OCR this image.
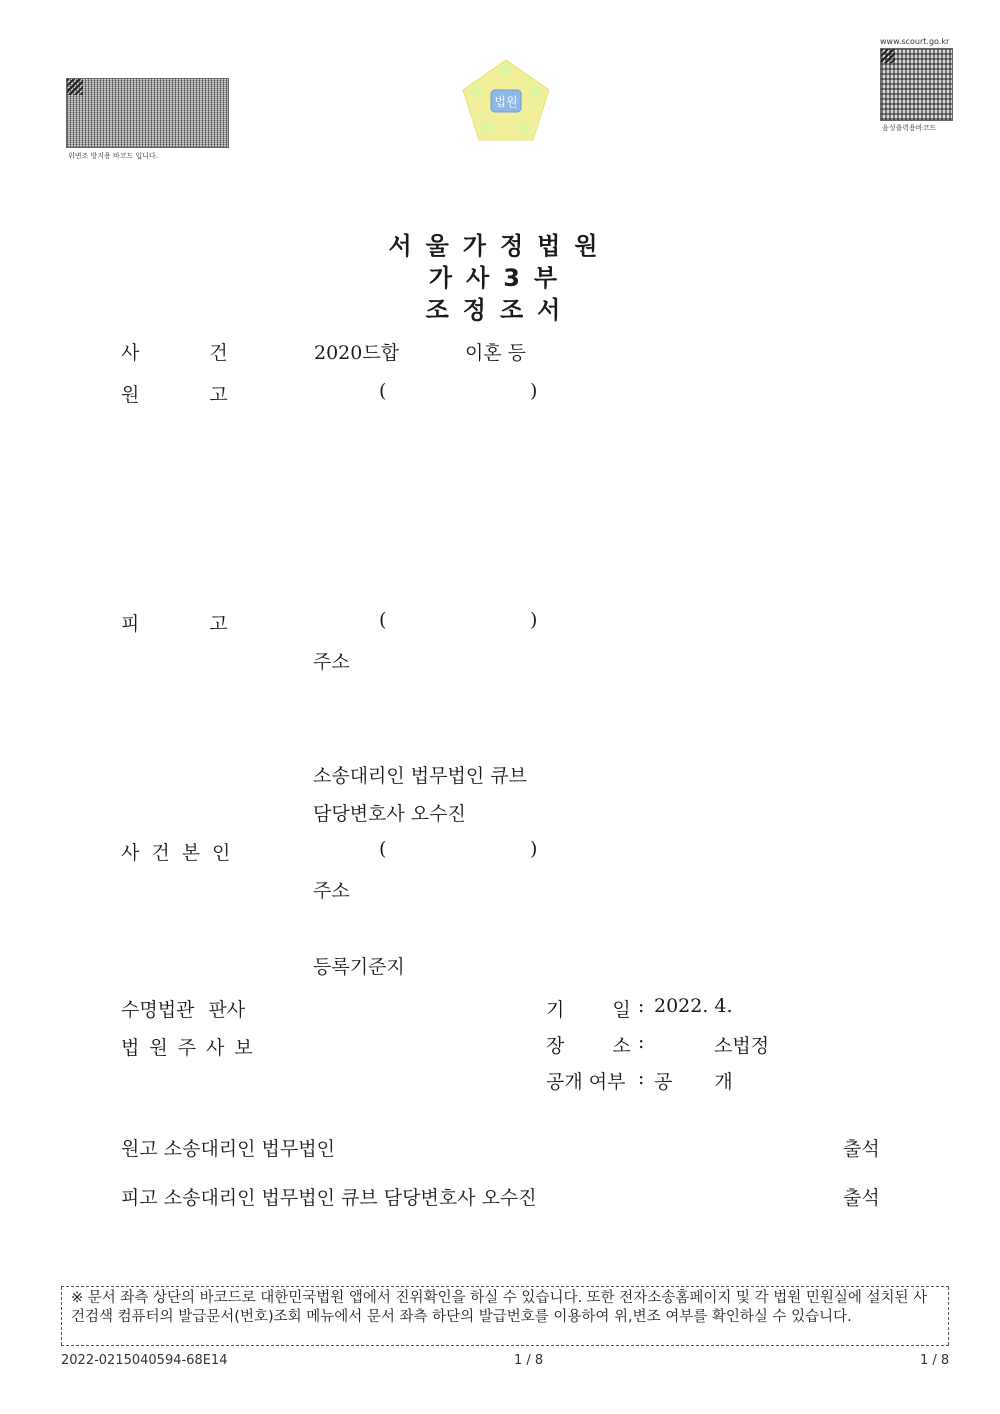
위변조 방지용 바코드 입니다.
www.scourt.go.kr
음성출력용바코드
법원
서울가정법원
가사3부
조정조서
사 건	2020드합	이혼 등
원 고	(	)
피 고	(	)
주소
소송대리인 법무법인 큐브
담당변호사 오수진
사건본인	(	)
주소
등록기준지
수명법관 판사
법원주사보
기 일 : 2022. 4.
장 소 :	소법정
공개 여부 : 공 개
원고 소송대리인 법무법인	출석
피고 소송대리인 법무법인 큐브 담당변호사 오수진	출석
※ 문서 좌측 상단의 바코드로 대한민국법원 앱에서 진위확인을 하실 수 있습니다. 또한 전자소송홈페이지 및 각 법원 민원실에 설치된 사건검색 컴퓨터의 발급문서(번호)조회 메뉴에서 문서 좌측 하단의 발급번호를 이용하여 위,변조 여부를 확인하실 수 있습니다.
2022-0215040594-68E14	1 / 8	1 / 8
